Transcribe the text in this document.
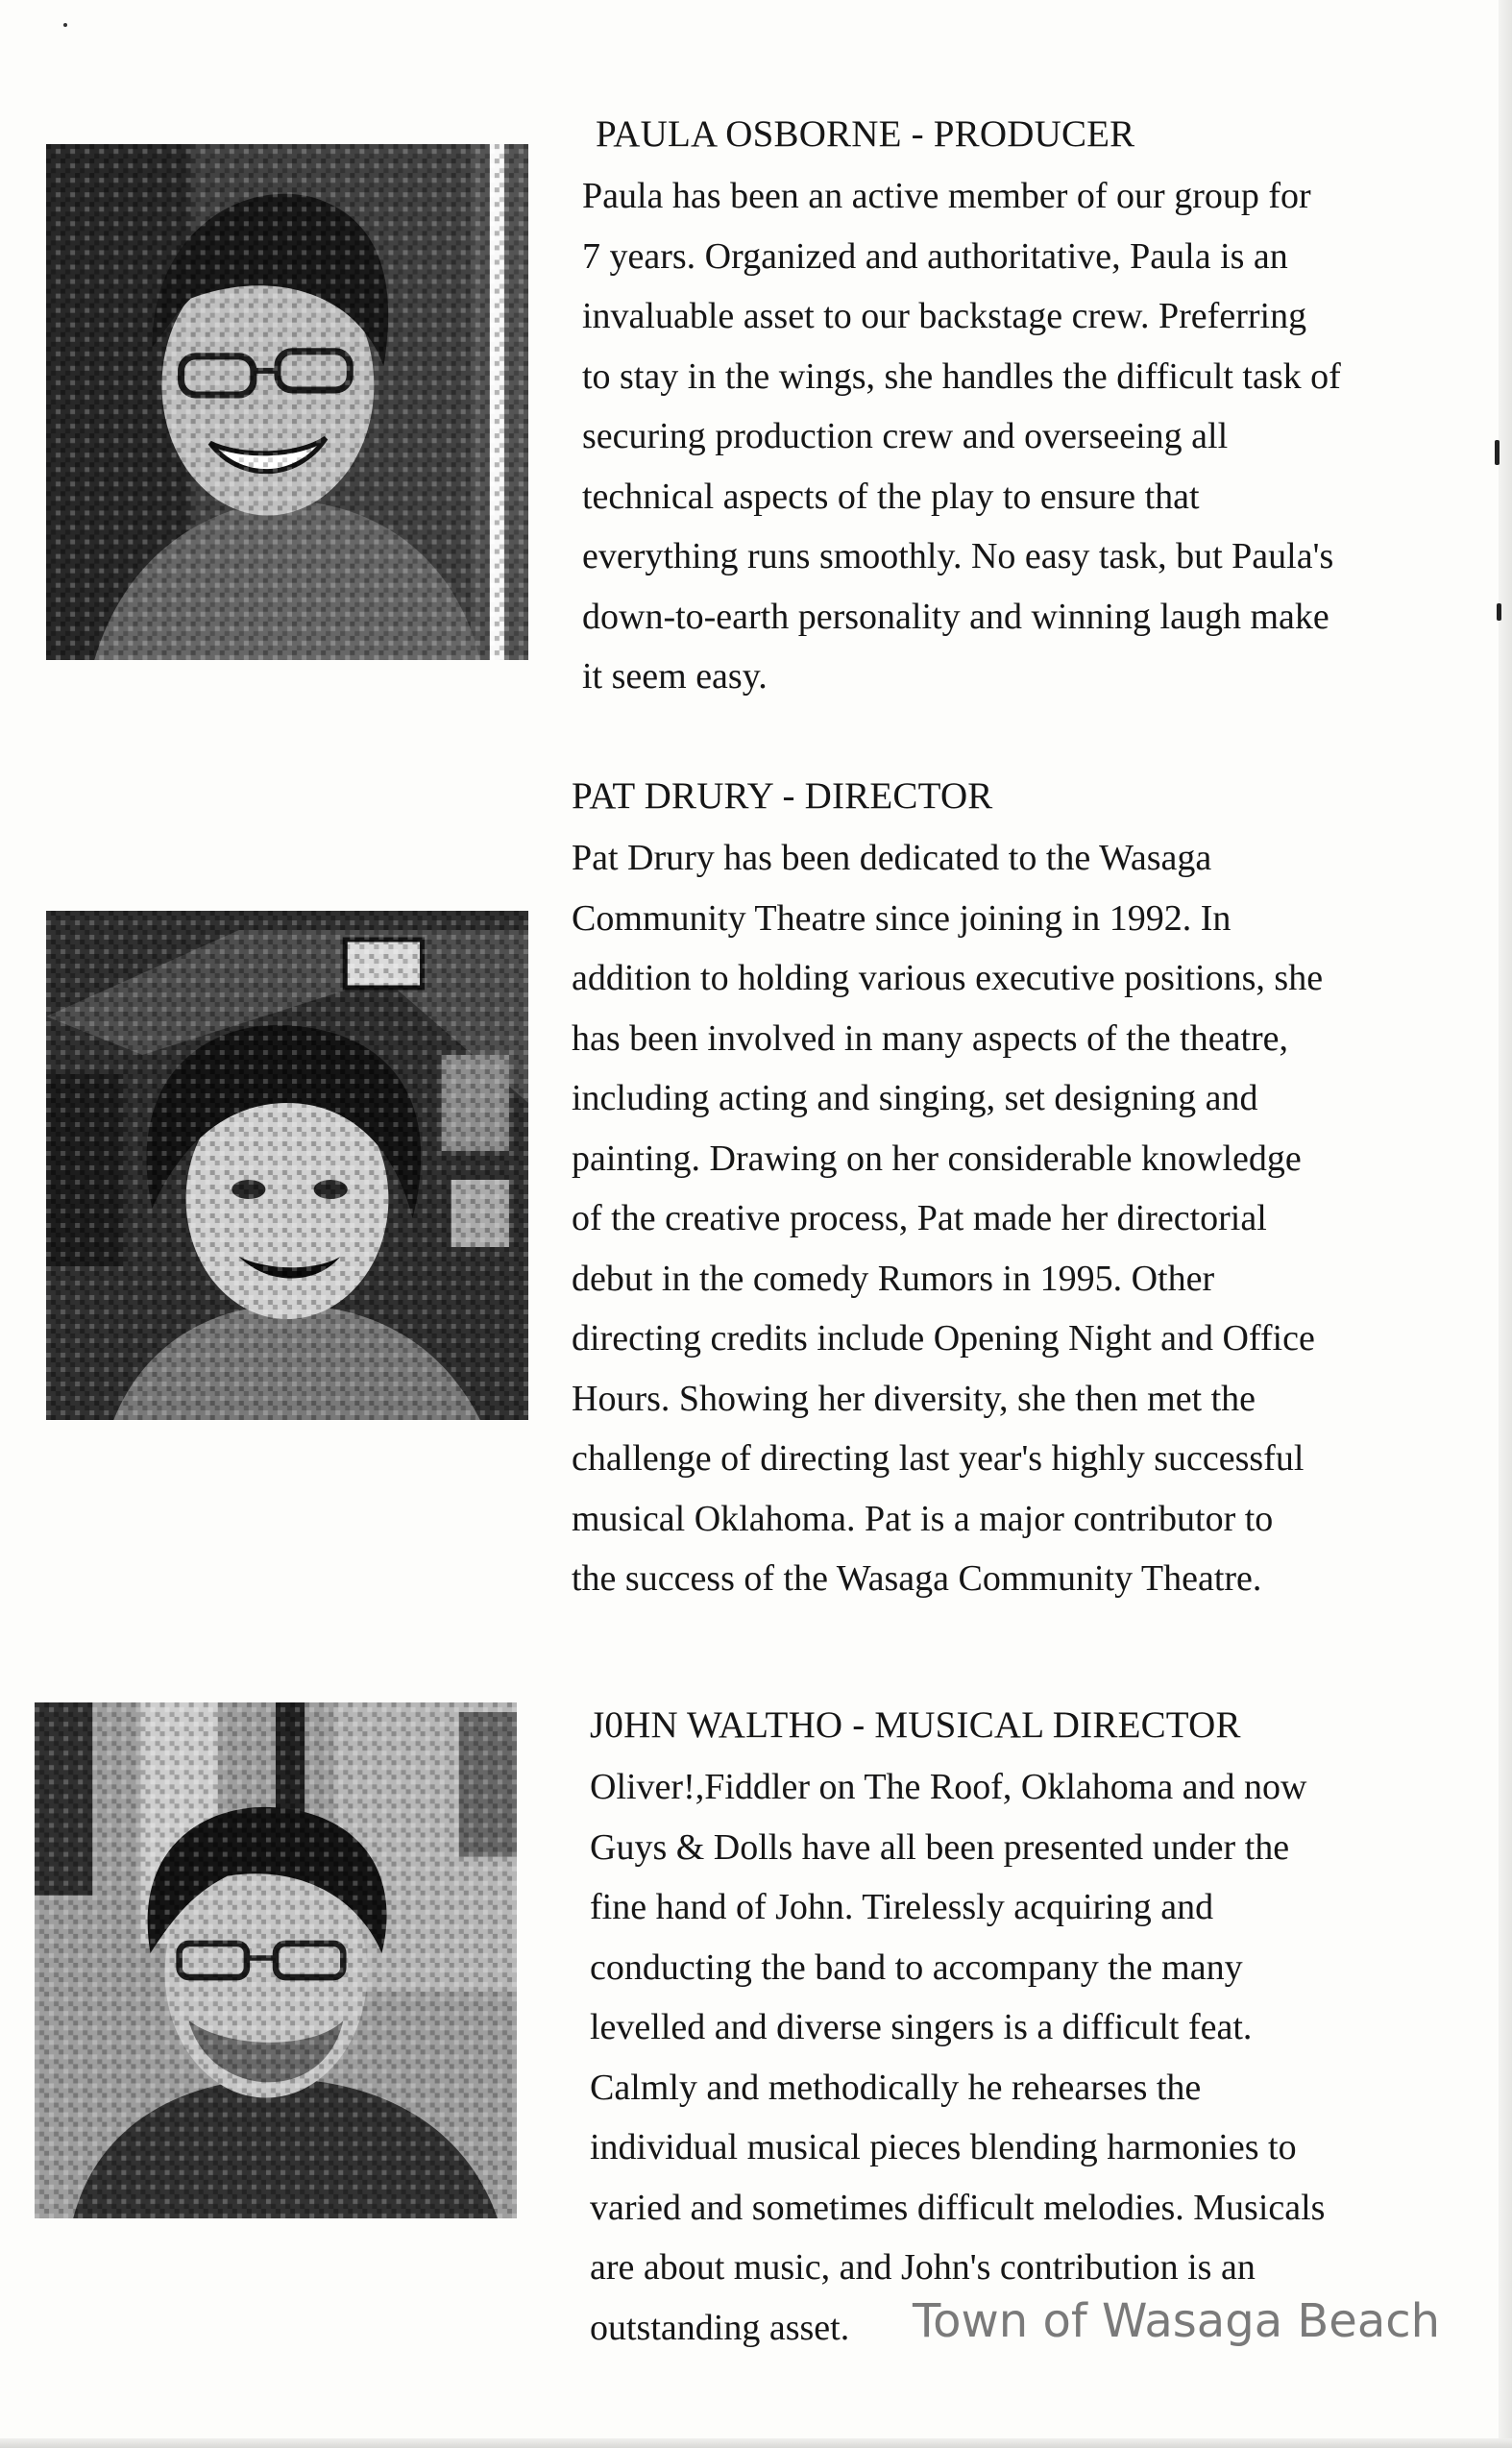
PAULA OSBORNE - PRODUCER

Paula has been an active member of our group for
7 years. Organized and authoritative, Paula is an
invaluable asset to our backstage crew. Preferring
to stay in the wings, she handles the difficult task of
securing production crew and overseeing all
technical aspects of the play to ensure that
everything runs smoothly. No easy task, but Paula's
down-to-earth personality and winning laugh make
it seem easy.

PAT DRURY - DIRECTOR

Pat Drury has been dedicated to the Wasaga
Community Theatre since joining in 1992. In
addition to holding various executive positions, she
has been involved in many aspects of the theatre,
including acting and singing, set designing and
painting. Drawing on her considerable knowledge
of the creative process, Pat made her directorial
debut in the comedy Rumors in 1995. Other
directing credits include Opening Night and Office
Hours. Showing her diversity, she then met the
challenge of directing last year's highly successful
musical Oklahoma. Pat is a major contributor to
the success of the Wasaga Community Theatre.

J0HN WALTHO - MUSICAL DIRECTOR

Oliver!,Fiddler on The Roof, Oklahoma and now
Guys & Dolls have all been presented under the
fine hand of John. Tirelessly acquiring and
conducting the band to accompany the many
levelled and diverse singers is a difficult feat.
Calmly and methodically he rehearses the
individual musical pieces blending harmonies to
varied and sometimes difficult melodies. Musicals
are about music, and John's contribution is an
outstanding asset.	Town of Wasaga Beach
